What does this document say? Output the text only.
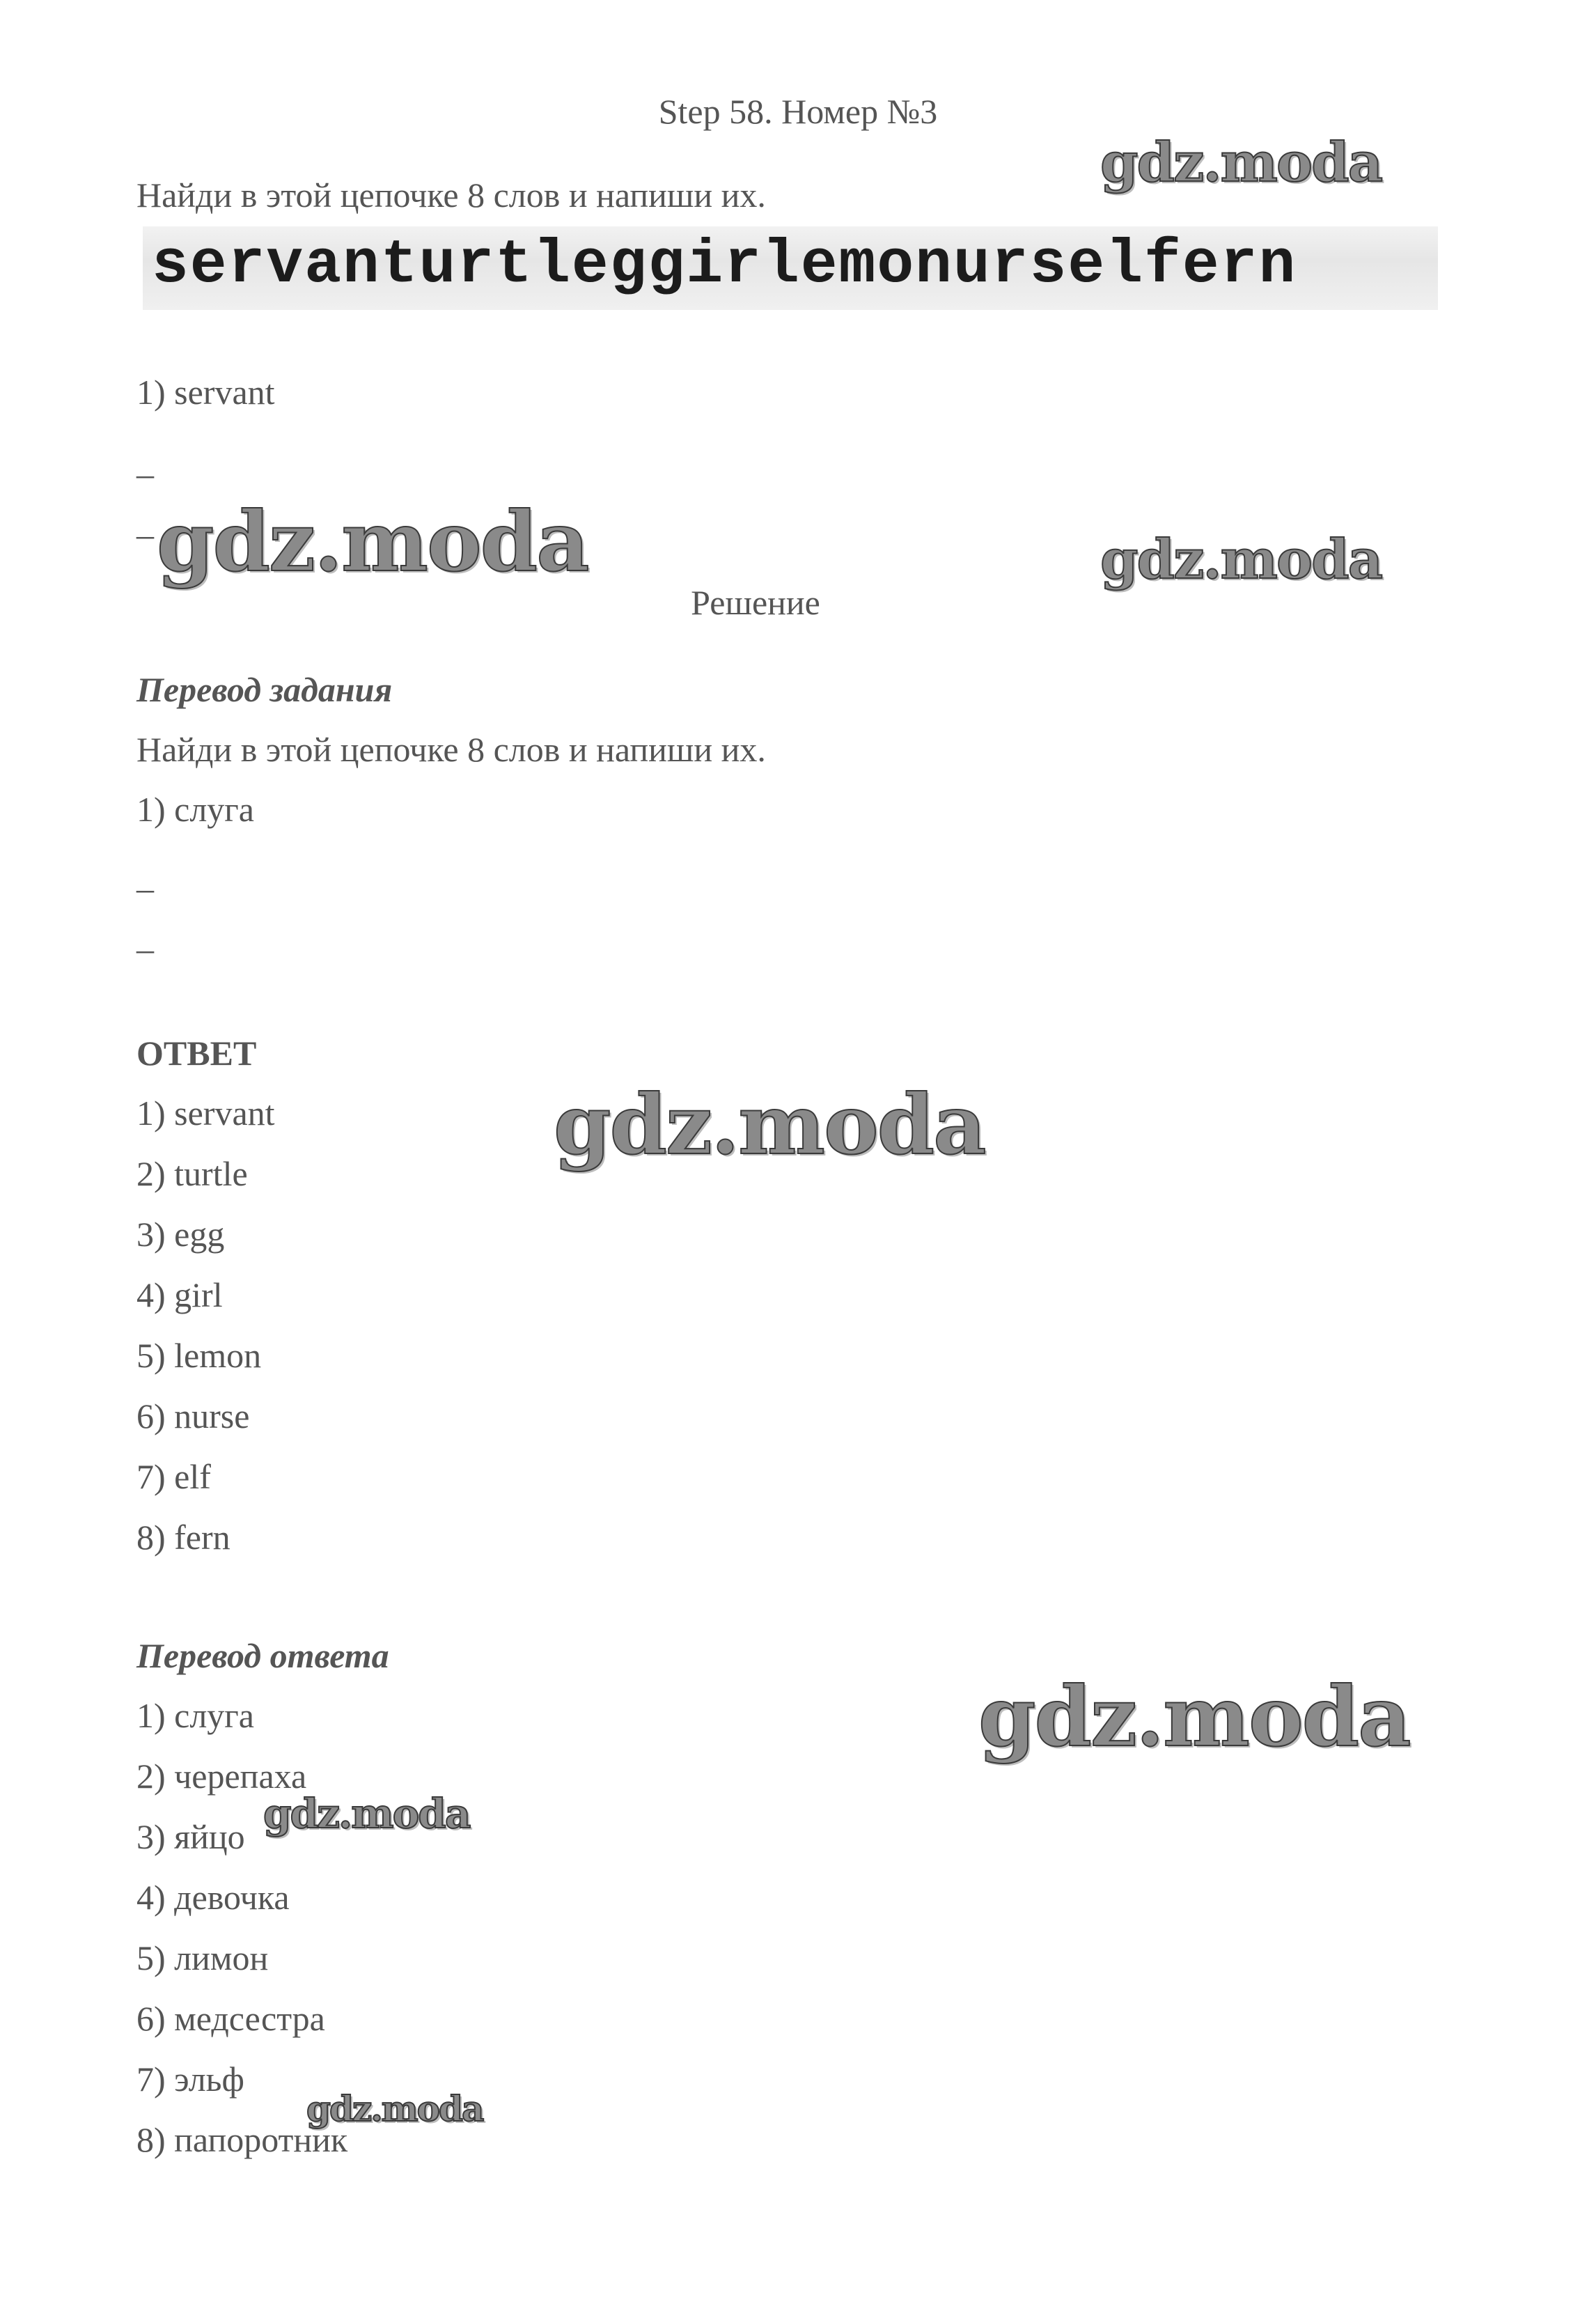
Step 58. Номер №3
Найди в этой цепочке 8 слов и напиши их.
servanturtleggirlemonurselfern
1) servant
–
–
Решение
Перевод задания
Найди в этой цепочке 8 слов и напиши их.
1) слуга
–
–
ОТВЕТ
1) servant
2) turtle
3) egg
4) girl
5) lemon
6) nurse
7) elf
8) fern
Перевод ответа
1) слуга
2) черепаха
3) яйцо
4) девочка
5) лимон
6) медсестра
7) эльф
8) папоротник
gdz.moda
gdz.moda	gdz.moda
gdz.moda
gdz.moda
gdz.moda
gdz.moda
